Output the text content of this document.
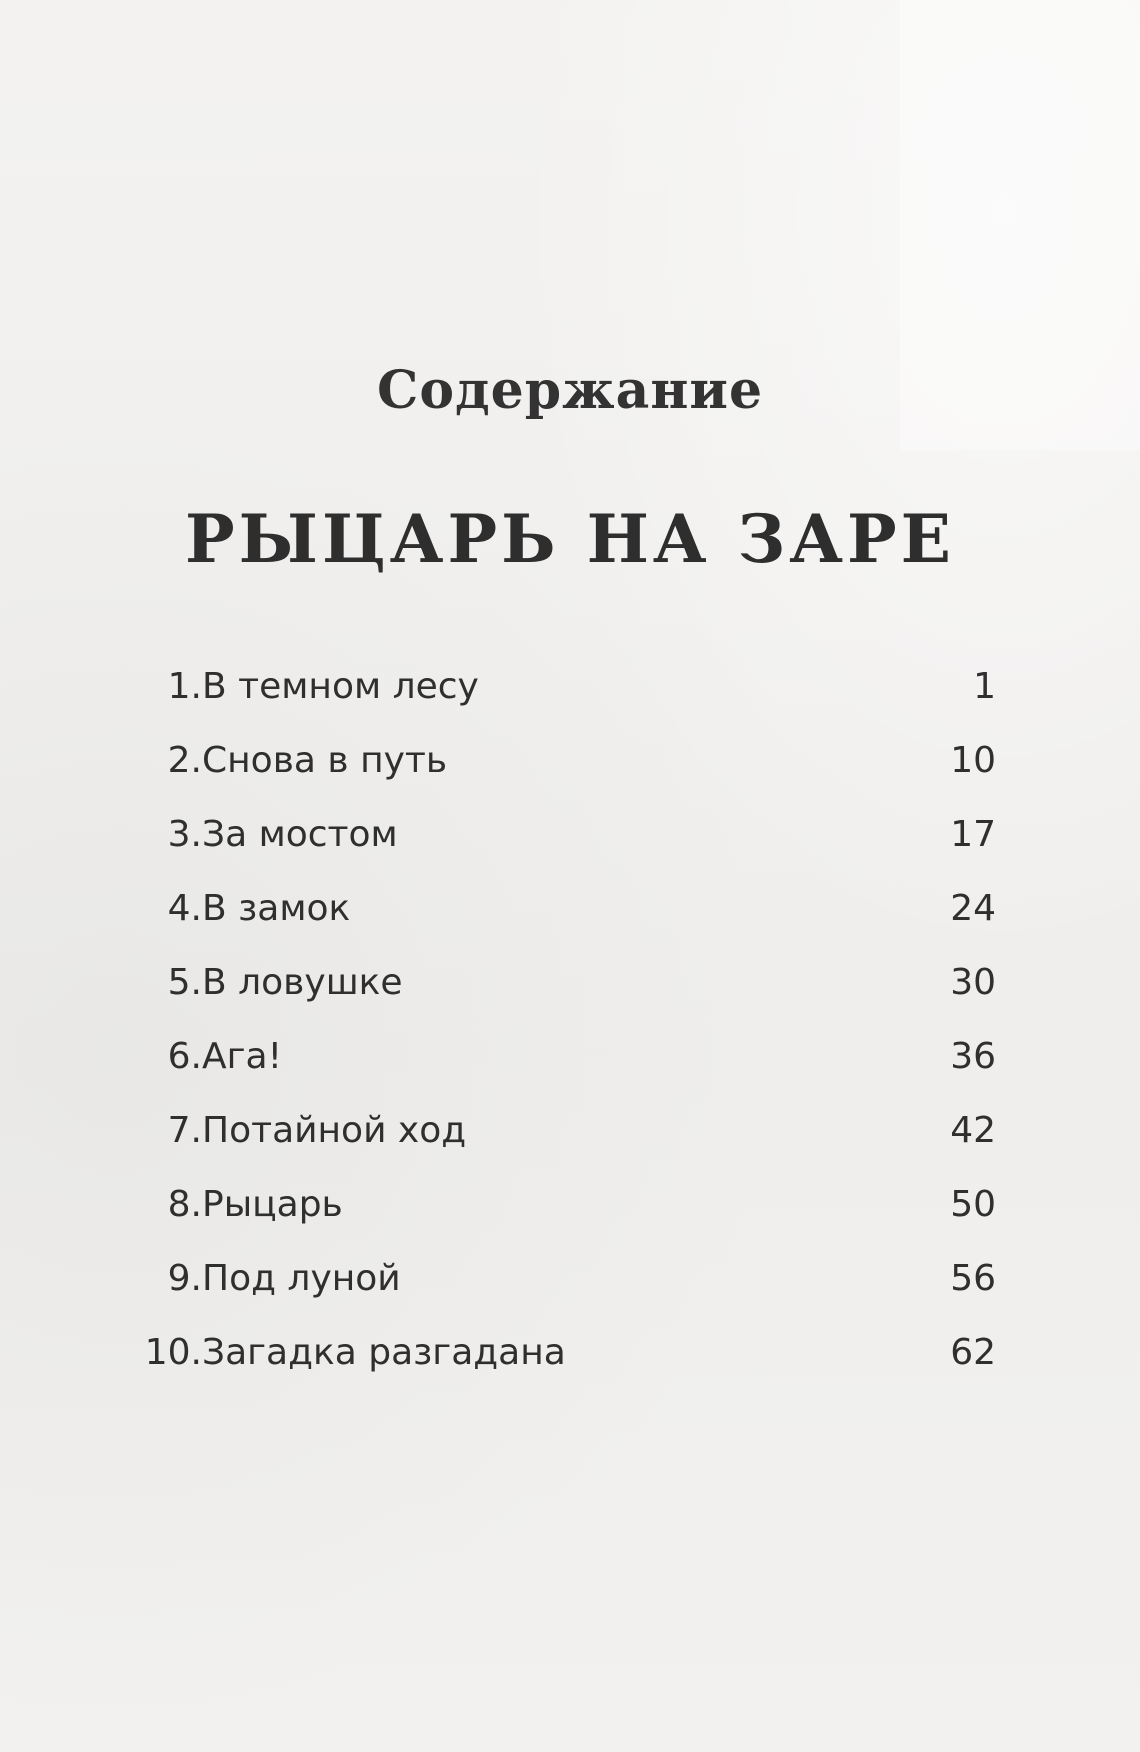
Содержание
РЫЦАРЬ НА ЗАРЕ
1. В темном лесу	1
2. Снова в путь	10
3. За мостом	17
4. В замок	24
5. В ловушке	30
6. Ага!	36
7. Потайной ход	42
8. Рыцарь	50
9. Под луной	56
10. Загадка разгадана	62
